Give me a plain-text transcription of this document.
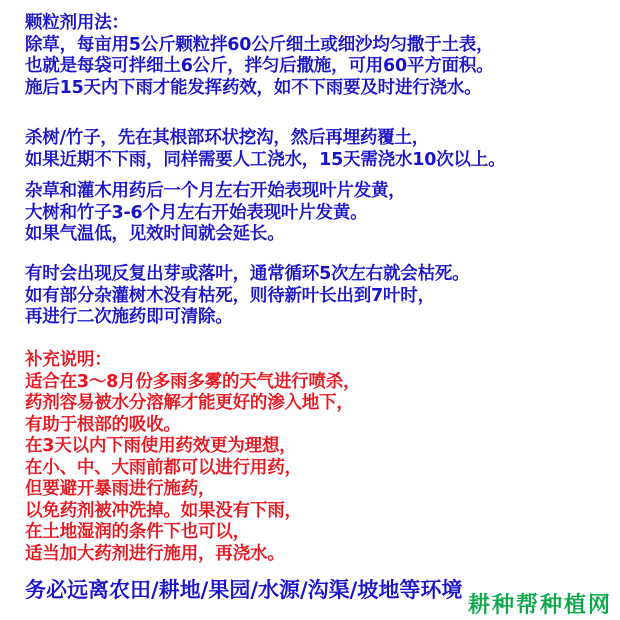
颗粒剂用法：
除草，每亩用5公斤颗粒拌60公斤细土或细沙均匀撒于土表，
也就是每袋可拌细土6公斤，拌匀后撒施，可用60平方面积。
施后15天内下雨才能发挥药效，如不下雨要及时进行浇水。
杀树/竹子，先在其根部环状挖沟，然后再埋药覆土，
如果近期不下雨，同样需要人工浇水，15天需浇水10次以上。
杂草和灌木用药后一个月左右开始表现叶片发黄，
大树和竹子3-6个月左右开始表现叶片发黄。
如果气温低，见效时间就会延长。
有时会出现反复出芽或落叶，通常循环5次左右就会枯死。
如有部分杂灌树木没有枯死，则待新叶长出到7叶时，
再进行二次施药即可清除。
补充说明：
适合在3～8月份多雨多雾的天气进行喷杀，
药剂容易被水分溶解才能更好的渗入地下，
有助于根部的吸收。
在3天以内下雨使用药效更为理想，
在小、中、大雨前都可以进行用药，
但要避开暴雨进行施药，
以免药剂被冲洗掉。如果没有下雨，
在土地湿润的条件下也可以，
适当加大药剂进行施用，再浇水。
务必远离农田/耕地/果园/水源/沟渠/坡地等环境
耕种帮种植网
